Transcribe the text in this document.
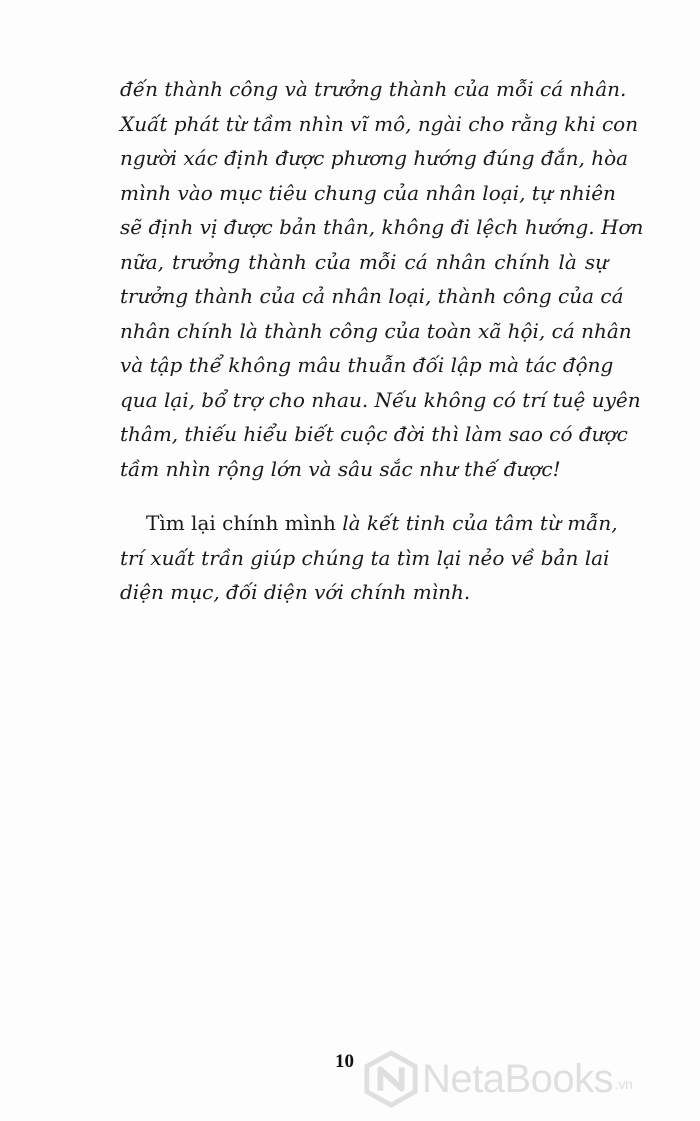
đến thành công và trưởng thành của mỗi cá nhân.
Xuất phát từ tầm nhìn vĩ mô, ngài cho rằng khi con
người xác định được phương hướng đúng đắn, hòa
mình vào mục tiêu chung của nhân loại, tự nhiên
sẽ định vị được bản thân, không đi lệch hướng. Hơn
nữa, trưởng thành của mỗi cá nhân chính là sự
trưởng thành của cả nhân loại, thành công của cá
nhân chính là thành công của toàn xã hội, cá nhân
và tập thể không mâu thuẫn đối lập mà tác động
qua lại, bổ trợ cho nhau. Nếu không có trí tuệ uyên
thâm, thiếu hiểu biết cuộc đời thì làm sao có được
tầm nhìn rộng lớn và sâu sắc như thế được!
Tìm lại chính mình là kết tinh của tâm từ mẫn,
trí xuất trần giúp chúng ta tìm lại nẻo về bản lai
diện mục, đối diện với chính mình.
10	NetaBooks .vn
